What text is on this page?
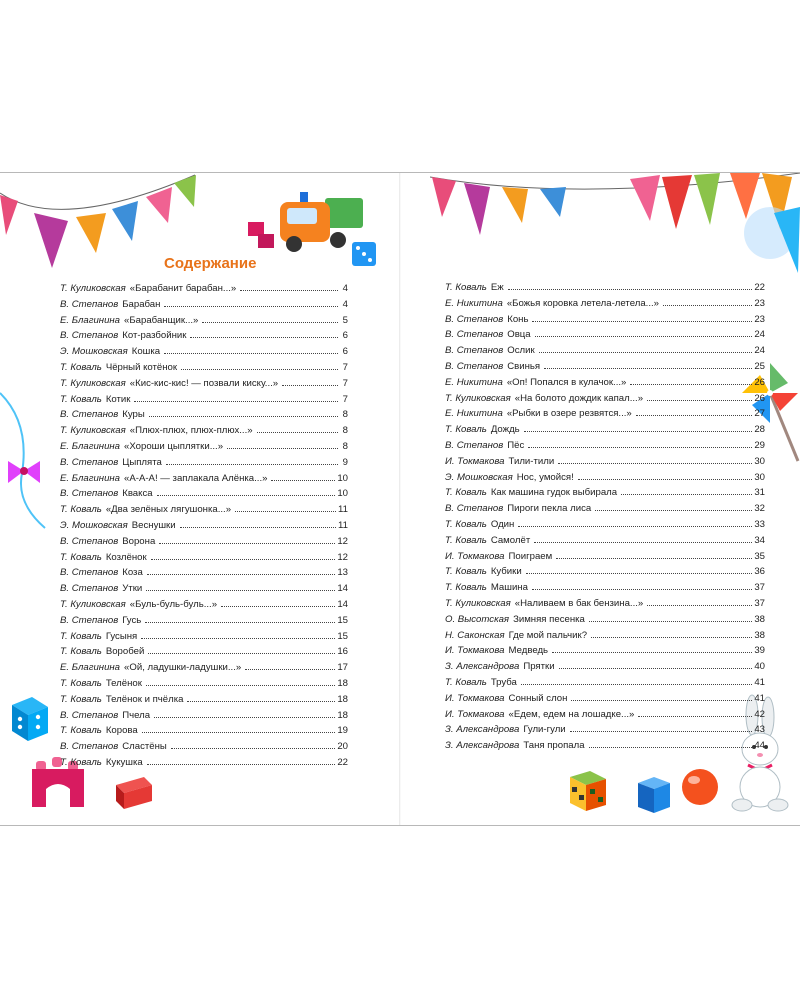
Содержание
Т. Куликовская «Барабанит барабан...»	4
В. Степанов Барабан	4
Е. Благинина «Барабанщик...»	5
В. Степанов Кот-разбойник	6
Э. Мошковская Кошка	6
Т. Коваль Чёрный котёнок	7
Т. Куликовская «Кис-кис-кис! — позвали киску...»	7
Т. Коваль Котик	7
В. Степанов Куры	8
Т. Куликовская «Плюх-плюх, плюх-плюх...»	8
Е. Благинина «Хороши цыплятки...»	8
В. Степанов Цыплята	9
Е. Благинина «А-А-А! — заплакала Алёнка...»	10
В. Степанов Квакса	10
Т. Коваль «Два зелёных лягушонка...»	11
Э. Мошковская Веснушки	11
В. Степанов Ворона	12
Т. Коваль Козлёнок	12
В. Степанов Коза	13
В. Степанов Утки	14
Т. Куликовская «Буль-буль-буль...»	14
В. Степанов Гусь	15
Т. Коваль Гусыня	15
Т. Коваль Воробей	16
Е. Благинина «Ой, ладушки-ладушки...»	17
Т. Коваль Телёнок	18
Т. Коваль Телёнок и пчёлка	18
В. Степанов Пчела	18
Т. Коваль Корова	19
В. Степанов Сластёны	20
Т. Коваль Кукушка	22
Т. Коваль Еж	22
Е. Никитина «Божья коровка летела-летела...»	23
В. Степанов Конь	23
В. Степанов Овца	24
В. Степанов Ослик	24
В. Степанов Свинья	25
Е. Никитина «Оп! Попался в кулачок...»	26
Т. Куликовская «На болото дождик капал...»	26
Е. Никитина «Рыбки в озере резвятся...»	27
Т. Коваль Дождь	28
В. Степанов Пёс	29
И. Токмакова Тили-тили	30
Э. Мошковская Нос, умойся!	30
Т. Коваль Как машина гудок выбирала	31
В. Степанов Пироги пекла лиса	32
Т. Коваль Один	33
Т. Коваль Самолёт	34
И. Токмакова Поиграем	35
Т. Коваль Кубики	36
Т. Коваль Машина	37
Т. Куликовская «Наливаем в бак бензина...»	37
О. Высотская Зимняя песенка	38
Н. Саконская Где мой пальчик?	38
И. Токмакова Медведь	39
З. Александрова Прятки	40
Т. Коваль Труба	41
И. Токмакова Сонный слон	41
И. Токмакова «Едем, едем на лошадке...»	42
З. Александрова Гули-гули	43
З. Александрова Таня пропала	44
